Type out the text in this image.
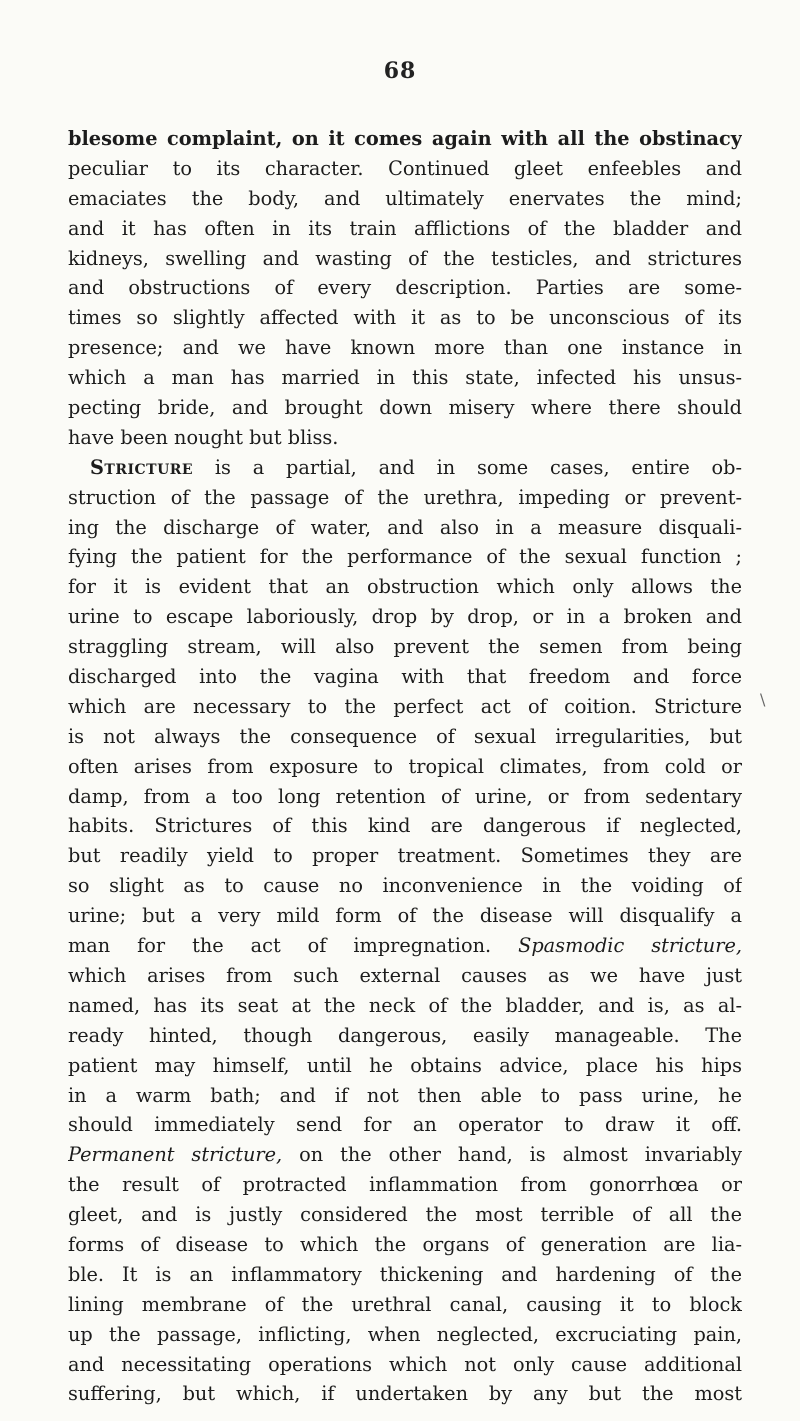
68
blesome complaint, on it comes again with all the obstinacy
peculiar to its character. Continued gleet enfeebles and
emaciates the body, and ultimately enervates the mind;
and it has often in its train afflictions of the bladder and
kidneys, swelling and wasting of the testicles, and strictures
and obstructions of every description. Parties are some-
times so slightly affected with it as to be unconscious of its
presence; and we have known more than one instance in
which a man has married in this state, infected his unsus-
pecting bride, and brought down misery where there should
have been nought but bliss.
Stricture is a partial, and in some cases, entire ob-
struction of the passage of the urethra, impeding or prevent-
ing the discharge of water, and also in a measure disquali-
fying the patient for the performance of the sexual function ;
for it is evident that an obstruction which only allows the
urine to escape laboriously, drop by drop, or in a broken and
straggling stream, will also prevent the semen from being
discharged into the vagina with that freedom and force
which are necessary to the perfect act of coition. Stricture
is not always the consequence of sexual irregularities, but
often arises from exposure to tropical climates, from cold or
damp, from a too long retention of urine, or from sedentary
habits. Strictures of this kind are dangerous if neglected,
but readily yield to proper treatment. Sometimes they are
so slight as to cause no inconvenience in the voiding of
urine; but a very mild form of the disease will disqualify a
man for the act of impregnation. Spasmodic stricture,
which arises from such external causes as we have just
named, has its seat at the neck of the bladder, and is, as al-
ready hinted, though dangerous, easily manageable. The
patient may himself, until he obtains advice, place his hips
in a warm bath; and if not then able to pass urine, he
should immediately send for an operator to draw it off.
Permanent stricture, on the other hand, is almost invariably
the result of protracted inflammation from gonorrhœa or
gleet, and is justly considered the most terrible of all the
forms of disease to which the organs of generation are lia-
ble. It is an inflammatory thickening and hardening of the
lining membrane of the urethral canal, causing it to block
up the passage, inflicting, when neglected, excruciating pain,
and necessitating operations which not only cause additional
suffering, but which, if undertaken by any but the most
\
